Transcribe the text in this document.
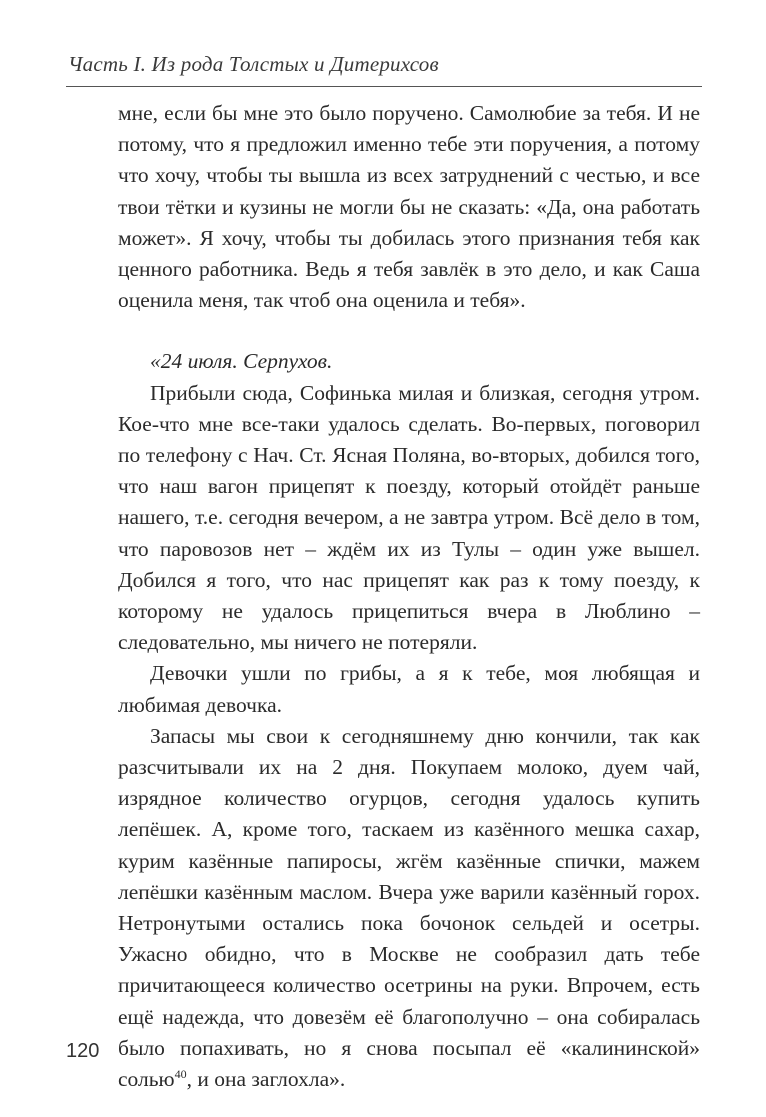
Часть I. Из рода Толстых и Дитерихсов

мне, если бы мне это было поручено. Самолюбие за тебя. И не потому, что я предложил именно тебе эти поручения, а потому что хочу, чтобы ты вышла из всех затруднений с честью, и все твои тётки и кузины не могли бы не сказать: «Да, она работать может». Я хочу, чтобы ты добилась этого признания тебя как ценного работника. Ведь я тебя завлёк в это дело, и как Саша оценила меня, так чтоб она оценила и тебя».

«24 июля. Серпухов.

Прибыли сюда, Софинька милая и близкая, сегодня утром. Кое-что мне все-таки удалось сделать. Во-первых, поговорил по телефону с Нач. Ст. Ясная Поляна, во-вторых, добился того, что наш вагон прицепят к поезду, который отойдёт раньше нашего, т.е. сегодня вечером, а не завтра утром. Всё дело в том, что паровозов нет – ждём их из Тулы – один уже вышел. Добился я того, что нас прицепят как раз к тому поезду, к которому не удалось прицепиться вчера в Люблино – следовательно, мы ничего не потеряли.

Девочки ушли по грибы, а я к тебе, моя любящая и любимая девочка.

Запасы мы свои к сегодняшнему дню кончили, так как разсчитывали их на 2 дня. Покупаем молоко, дуем чай, изрядное количество огурцов, сегодня удалось купить лепёшек. А, кроме того, таскаем из казённого мешка сахар, курим казённые папиросы, жгём казённые спички, мажем лепёшки казённым маслом. Вчера уже варили казённый горох. Нетронутыми остались пока бочонок сельдей и осетры. Ужасно обидно, что в Москве не сообразил дать тебе причитающееся количество осетрины на руки. Впрочем, есть ещё надежда, что довезём её благополучно – она собиралась было попахивать, но я снова посыпал её «калининской» солью$^{40}$, и она заглохла».

120
